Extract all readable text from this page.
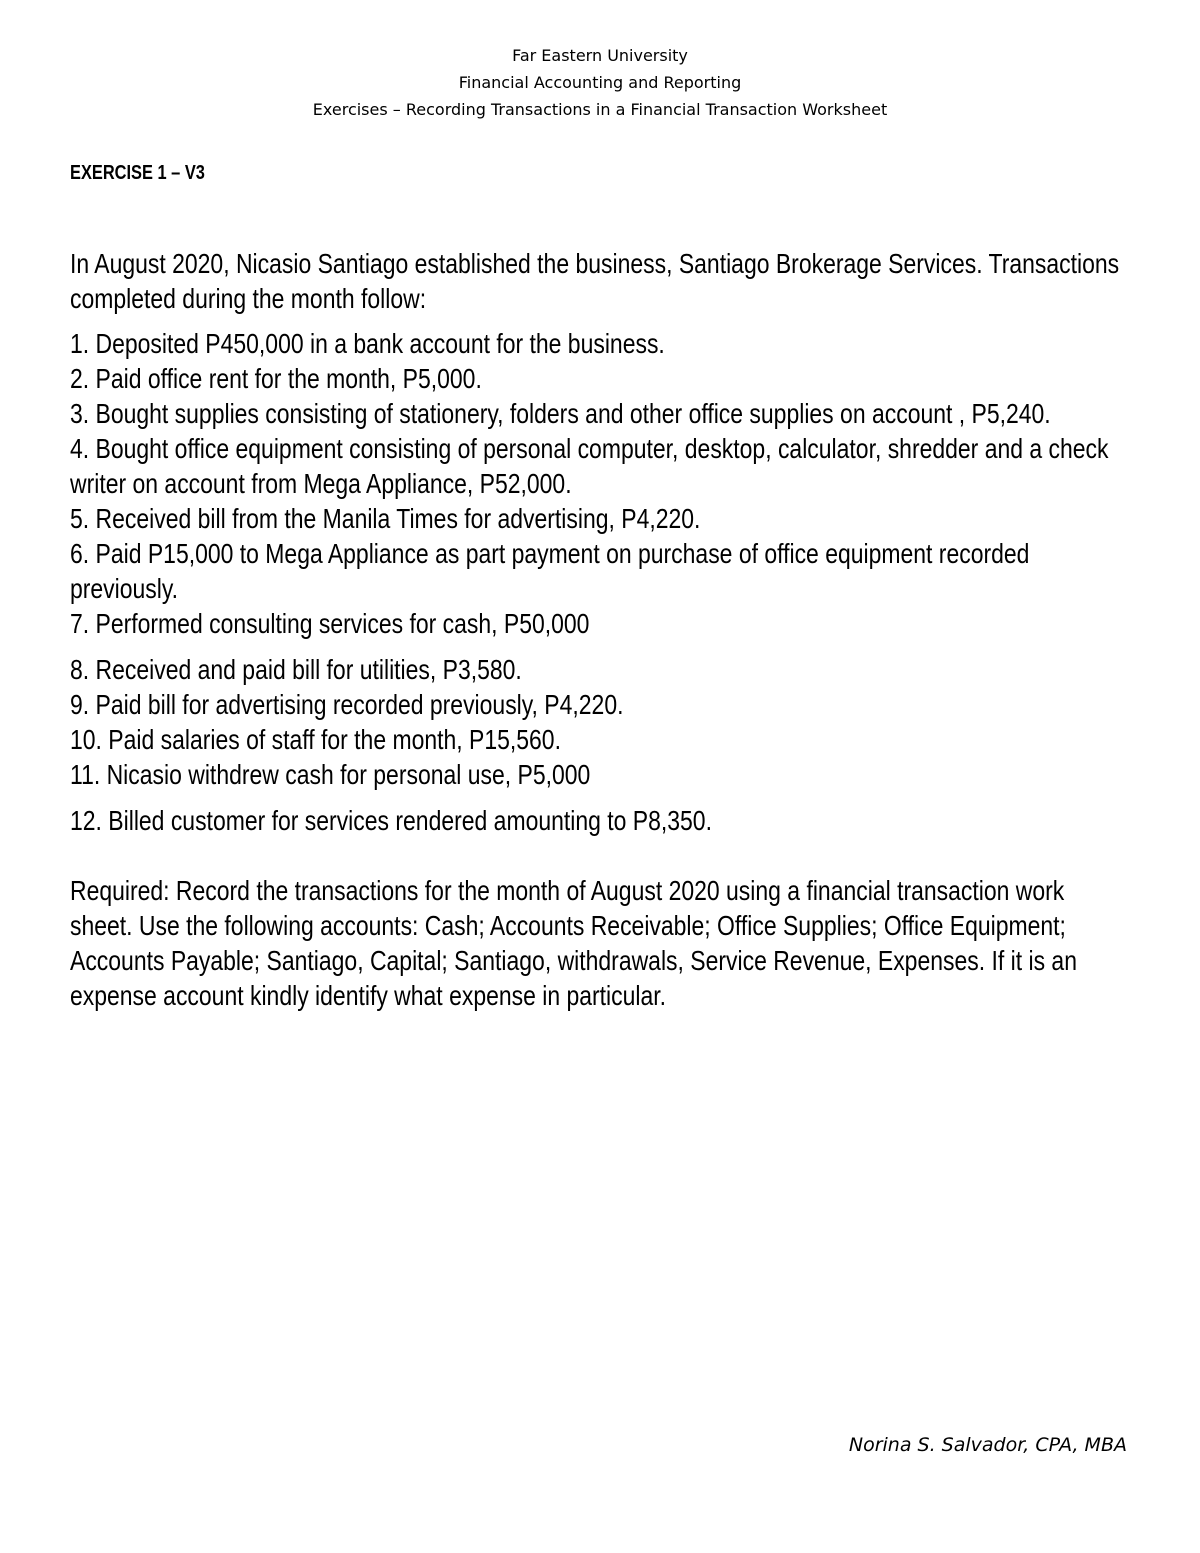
Far Eastern University
Financial Accounting and Reporting
Exercises – Recording Transactions in a Financial Transaction Worksheet
EXERCISE 1 – V3

In August 2020, Nicasio Santiago established the business, Santiago Brokerage Services. Transactions completed during the month follow:

1. Deposited P450,000 in a bank account for the business.
2. Paid office rent for the month, P5,000.
3. Bought supplies consisting of stationery, folders and other office supplies on account , P5,240.
4. Bought office equipment consisting of personal computer, desktop, calculator, shredder and a check writer on account from Mega Appliance, P52,000.
5. Received bill from the Manila Times for advertising, P4,220.
6. Paid P15,000 to Mega Appliance as part payment on purchase of office equipment recorded previously.
7. Performed consulting services for cash, P50,000
8. Received and paid bill for utilities, P3,580.
9. Paid bill for advertising recorded previously, P4,220.
10. Paid salaries of staff for the month, P15,560.
11. Nicasio withdrew cash for personal use, P5,000
12. Billed customer for services rendered amounting to P8,350.

Required: Record the transactions for the month of August 2020 using a financial transaction work sheet. Use the following accounts: Cash; Accounts Receivable; Office Supplies; Office Equipment; Accounts Payable; Santiago, Capital; Santiago, withdrawals, Service Revenue, Expenses. If it is an expense account kindly identify what expense in particular.

Norina S. Salvador, CPA, MBA
